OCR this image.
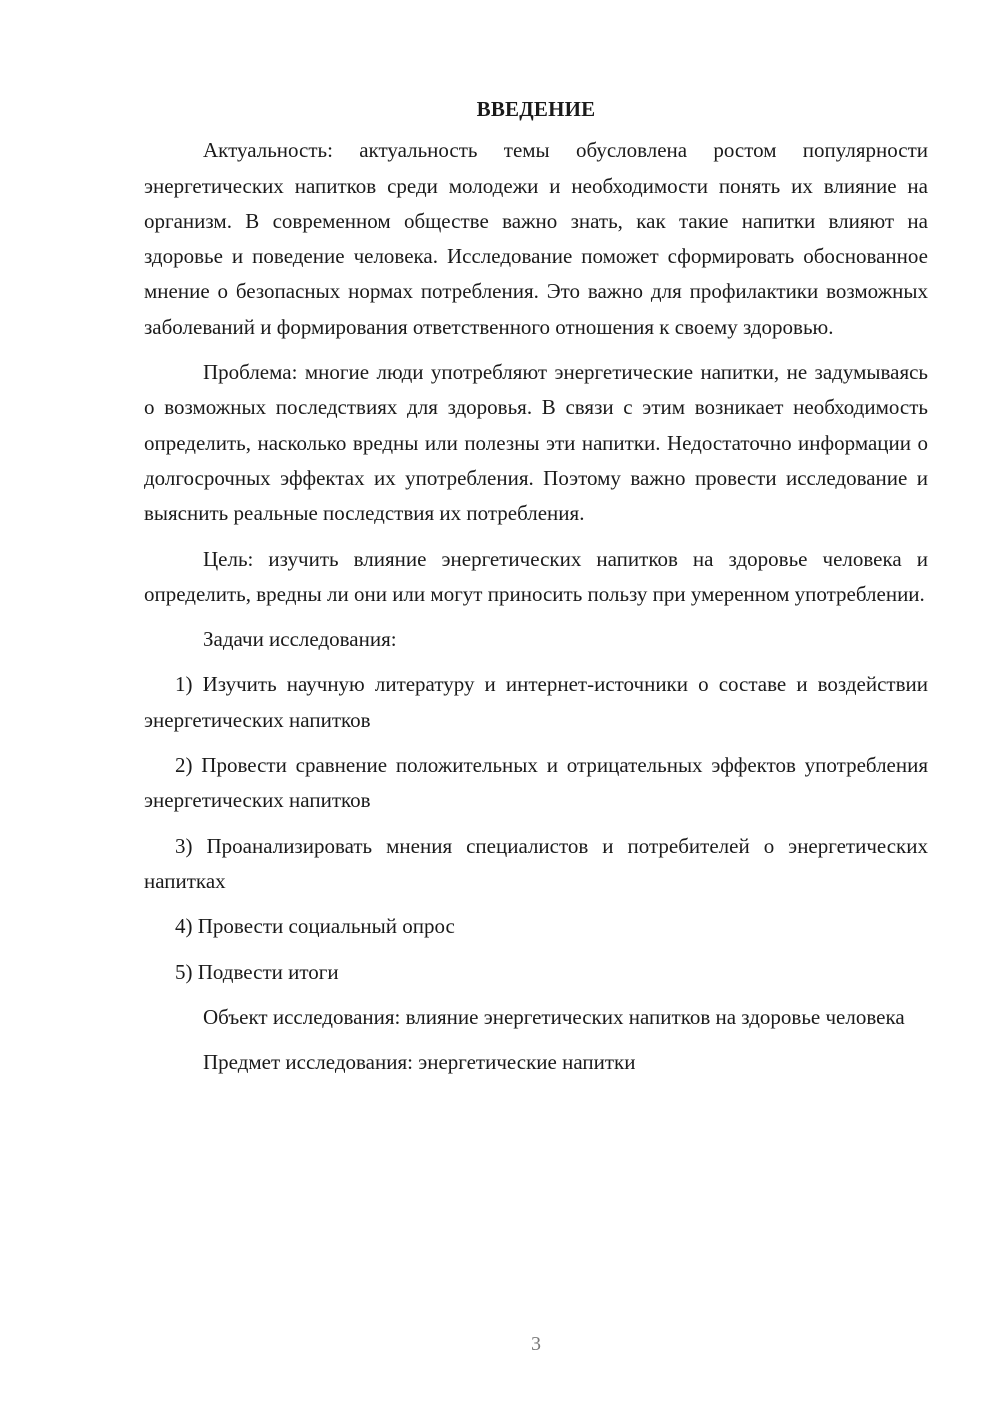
ВВЕДЕНИЕ

Актуальность: актуальность темы обусловлена ростом популярности энергетических напитков среди молодежи и необходимости понять их влияние на организм. В современном обществе важно знать, как такие напитки влияют на здоровье и поведение человека. Исследование поможет сформировать обоснованное мнение о безопасных нормах потребления. Это важно для профилактики возможных заболеваний и формирования ответственного отношения к своему здоровью.

Проблема: многие люди употребляют энергетические напитки, не задумываясь о возможных последствиях для здоровья. В связи с этим возникает необходимость определить, насколько вредны или полезны эти напитки. Недостаточно информации о долгосрочных эффектах их употребления. Поэтому важно провести исследование и выяснить реальные последствия их потребления.

Цель: изучить влияние энергетических напитков на здоровье человека и определить, вредны ли они или могут приносить пользу при умеренном употреблении.

Задачи исследования:

1) Изучить научную литературу и интернет-источники о составе и воздействии энергетических напитков

2) Провести сравнение положительных и отрицательных эффектов употребления энергетических напитков

3) Проанализировать мнения специалистов и потребителей о энергетических напитках

4) Провести социальный опрос

5) Подвести итоги

Объект исследования: влияние энергетических напитков на здоровье человека

Предмет исследования: энергетические напитки

3
